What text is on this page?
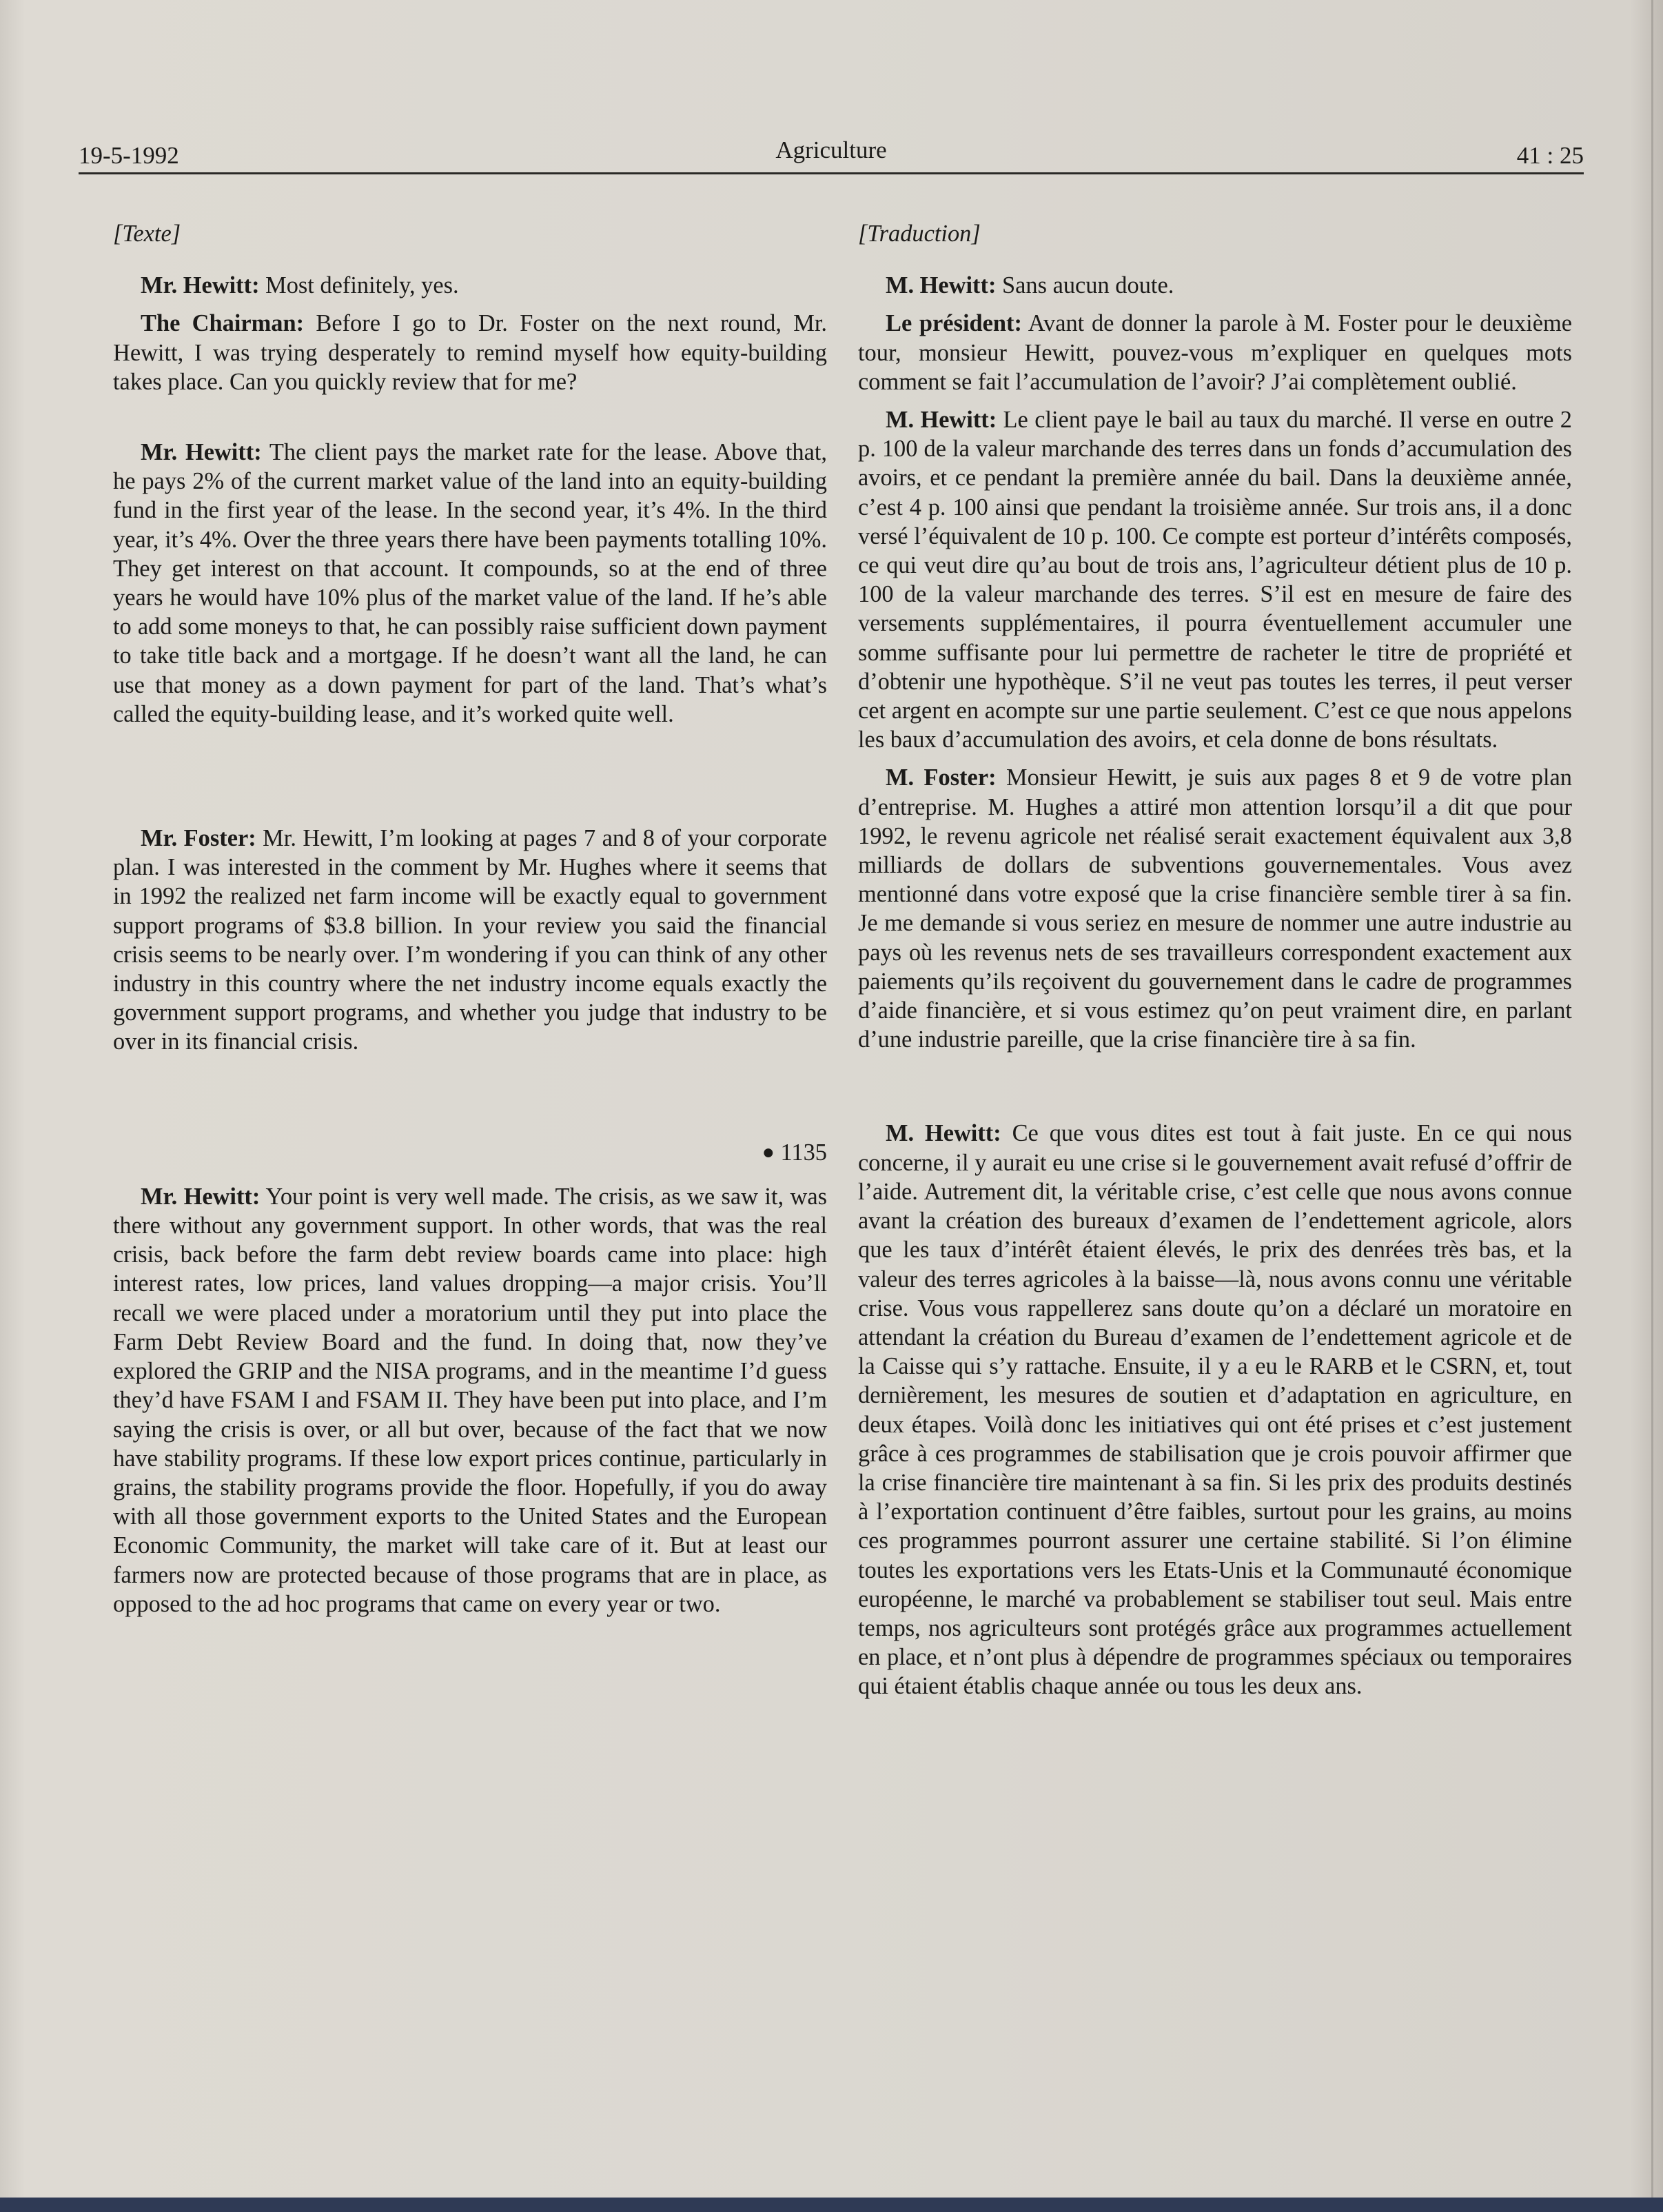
19-5-1992	Agriculture	41 : 25
[Texte]

Mr. Hewitt: Most definitely, yes.

The Chairman: Before I go to Dr. Foster on the next round, Mr. Hewitt, I was trying desperately to remind myself how equity-building takes place. Can you quickly review that for me?

Mr. Hewitt: The client pays the market rate for the lease. Above that, he pays 2% of the current market value of the land into an equity-building fund in the first year of the lease. In the second year, it’s 4%. In the third year, it’s 4%. Over the three years there have been payments totalling 10%. They get interest on that account. It compounds, so at the end of three years he would have 10% plus of the market value of the land. If he’s able to add some moneys to that, he can possibly raise sufficient down payment to take title back and a mortgage. If he doesn’t want all the land, he can use that money as a down payment for part of the land. That’s what’s called the equity-building lease, and it’s worked quite well.

Mr. Foster: Mr. Hewitt, I’m looking at pages 7 and 8 of your corporate plan. I was interested in the comment by Mr. Hughes where it seems that in 1992 the realized net farm income will be exactly equal to government support programs of $3.8 billion. In your review you said the financial crisis seems to be nearly over. I’m wondering if you can think of any other industry in this country where the net industry income equals exactly the government support programs, and whether you judge that industry to be over in its financial crisis.

● 1135

Mr. Hewitt: Your point is very well made. The crisis, as we saw it, was there without any government support. In other words, that was the real crisis, back before the farm debt review boards came into place: high interest rates, low prices, land values dropping—a major crisis. You’ll recall we were placed under a moratorium until they put into place the Farm Debt Review Board and the fund. In doing that, now they’ve explored the GRIP and the NISA programs, and in the meantime I’d guess they’d have FSAM I and FSAM II. They have been put into place, and I’m saying the crisis is over, or all but over, because of the fact that we now have stability programs. If these low export prices continue, particularly in grains, the stability programs provide the floor. Hopefully, if you do away with all those government exports to the United States and the European Economic Community, the market will take care of it. But at least our farmers now are protected because of those programs that are in place, as opposed to the ad hoc programs that came on every year or two.

[Traduction]

M. Hewitt: Sans aucun doute.

Le président: Avant de donner la parole à M. Foster pour le deuxième tour, monsieur Hewitt, pouvez-vous m’expliquer en quelques mots comment se fait l’accumulation de l’avoir? J’ai complètement oublié.

M. Hewitt: Le client paye le bail au taux du marché. Il verse en outre 2 p. 100 de la valeur marchande des terres dans un fonds d’accumulation des avoirs, et ce pendant la première année du bail. Dans la deuxième année, c’est 4 p. 100 ainsi que pendant la troisième année. Sur trois ans, il a donc versé l’équivalent de 10 p. 100. Ce compte est porteur d’intérêts composés, ce qui veut dire qu’au bout de trois ans, l’agriculteur détient plus de 10 p. 100 de la valeur marchande des terres. S’il est en mesure de faire des versements supplémentaires, il pourra éventuellement accumuler une somme suffisante pour lui permettre de racheter le titre de propriété et d’obtenir une hypothèque. S’il ne veut pas toutes les terres, il peut verser cet argent en acompte sur une partie seulement. C’est ce que nous appelons les baux d’accumulation des avoirs, et cela donne de bons résultats.

M. Foster: Monsieur Hewitt, je suis aux pages 8 et 9 de votre plan d’entreprise. M. Hughes a attiré mon attention lorsqu’il a dit que pour 1992, le revenu agricole net réalisé serait exactement équivalent aux 3,8 milliards de dollars de subventions gouvernementales. Vous avez mentionné dans votre exposé que la crise financière semble tirer à sa fin. Je me demande si vous seriez en mesure de nommer une autre industrie au pays où les revenus nets de ses travailleurs correspondent exactement aux paiements qu’ils reçoivent du gouvernement dans le cadre de programmes d’aide financière, et si vous estimez qu’on peut vraiment dire, en parlant d’une industrie pareille, que la crise financière tire à sa fin.

M. Hewitt: Ce que vous dites est tout à fait juste. En ce qui nous concerne, il y aurait eu une crise si le gouvernement avait refusé d’offrir de l’aide. Autrement dit, la véritable crise, c’est celle que nous avons connue avant la création des bureaux d’examen de l’endettement agricole, alors que les taux d’intérêt étaient élevés, le prix des denrées très bas, et la valeur des terres agricoles à la baisse—là, nous avons connu une véritable crise. Vous vous rappellerez sans doute qu’on a déclaré un moratoire en attendant la création du Bureau d’examen de l’endettement agricole et de la Caisse qui s’y rattache. Ensuite, il y a eu le RARB et le CSRN, et, tout dernièrement, les mesures de soutien et d’adaptation en agriculture, en deux étapes. Voilà donc les initiatives qui ont été prises et c’est justement grâce à ces programmes de stabilisation que je crois pouvoir affirmer que la crise financière tire maintenant à sa fin. Si les prix des produits destinés à l’exportation continuent d’être faibles, surtout pour les grains, au moins ces programmes pourront assurer une certaine stabilité. Si l’on élimine toutes les exportations vers les Etats-Unis et la Communauté économique européenne, le marché va probablement se stabiliser tout seul. Mais entre temps, nos agriculteurs sont protégés grâce aux programmes actuellement en place, et n’ont plus à dépendre de programmes spéciaux ou temporaires qui étaient établis chaque année ou tous les deux ans.
